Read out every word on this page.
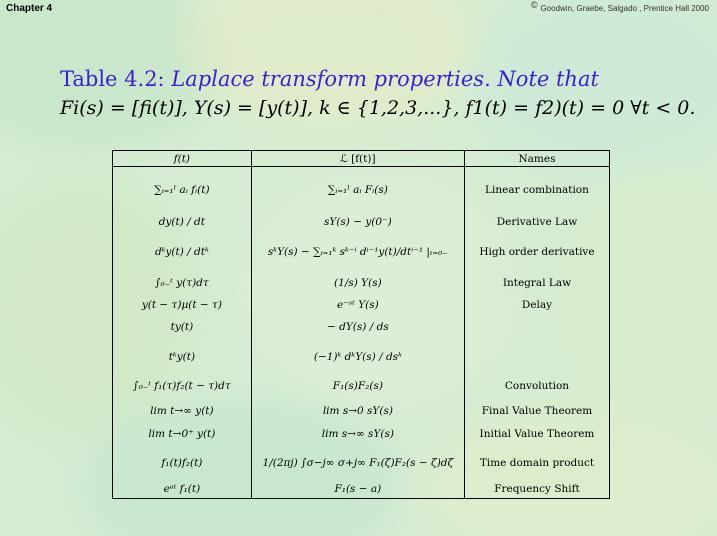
Chapter 4	© Goodwin, Graebe, Salgado , Prentice Hall 2000
Table 4.2: Laplace transform properties. Note that
Fi(s) = [fi(t)], Y(s) = [y(t)], k ∈ {1,2,3,...}, f1(t) = f2)(t) = 0 ∀t < 0.
f(t)	ℒ [f(t)]	Names

∑ᵢ₌₁ˡ aᵢ fᵢ(t)	∑ᵢ₌₁ˡ aᵢ Fᵢ(s)	Linear combination
dy(t) / dt	sY(s) − y(0⁻)	Derivative Law
dᵏy(t) / dtᵏ	sᵏY(s) − ∑ᵢ₌₁ᵏ sᵏ⁻ⁱ dⁱ⁻¹y(t)/dtⁱ⁻¹ |ₜ₌₀₋	High order derivative
∫₀₋ᵗ y(τ)dτ	(1/s) Y(s)	Integral Law
y(t − τ)μ(t − τ)	e⁻ˢᵗ Y(s)	Delay
ty(t)	− dY(s) / ds	
tᵏy(t)	(−1)ᵏ dᵏY(s) / dsᵏ	
∫₀₋ᵗ f₁(τ)f₂(t − τ)dτ	F₁(s)F₂(s)	Convolution
lim t→∞ y(t)	lim s→0 sY(s)	Final Value Theorem
lim t→0⁺ y(t)	lim s→∞ sY(s)	Initial Value Theorem
f₁(t)f₂(t)	1/(2πj) ∫σ−j∞ σ+j∞ F₁(ζ)F₂(s − ζ)dζ	Time domain product
eᵃᵗ f₁(t)	F₁(s − a)	Frequency Shift
